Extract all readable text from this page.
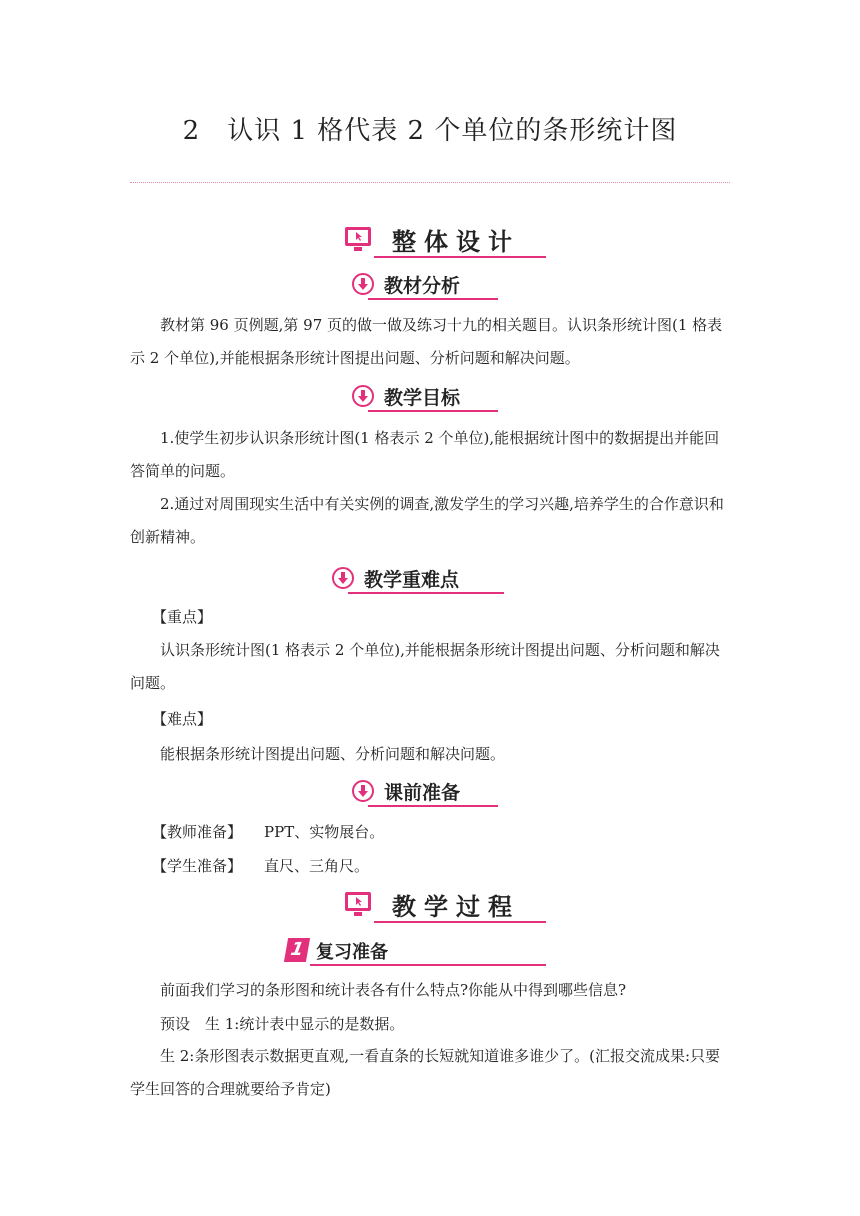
2　认识 1 格代表 2 个单位的条形统计图
整体设计
教材分析

教材第 96 页例题,第 97 页的做一做及练习十九的相关题目。认识条形统计图(1 格表示 2 个单位),并能根据条形统计图提出问题、分析问题和解决问题。

教学目标

1.使学生初步认识条形统计图(1 格表示 2 个单位),能根据统计图中的数据提出并能回答简单的问题。

2.通过对周围现实生活中有关实例的调查,激发学生的学习兴趣,培养学生的合作意识和创新精神。

教学重难点
【重点】

认识条形统计图(1 格表示 2 个单位),并能根据条形统计图提出问题、分析问题和解决问题。

【难点】
能根据条形统计图提出问题、分析问题和解决问题。
课前准备
【教师准备】 PPT、实物展台。
【学生准备】 直尺、三角尺。
教学过程
1 复习准备
前面我们学习的条形图和统计表各有什么特点?你能从中得到哪些信息?
预设　生 1:统计表中显示的是数据。

生 2:条形图表示数据更直观,一看直条的长短就知道谁多谁少了。(汇报交流成果:只要学生回答的合理就要给予肯定)
